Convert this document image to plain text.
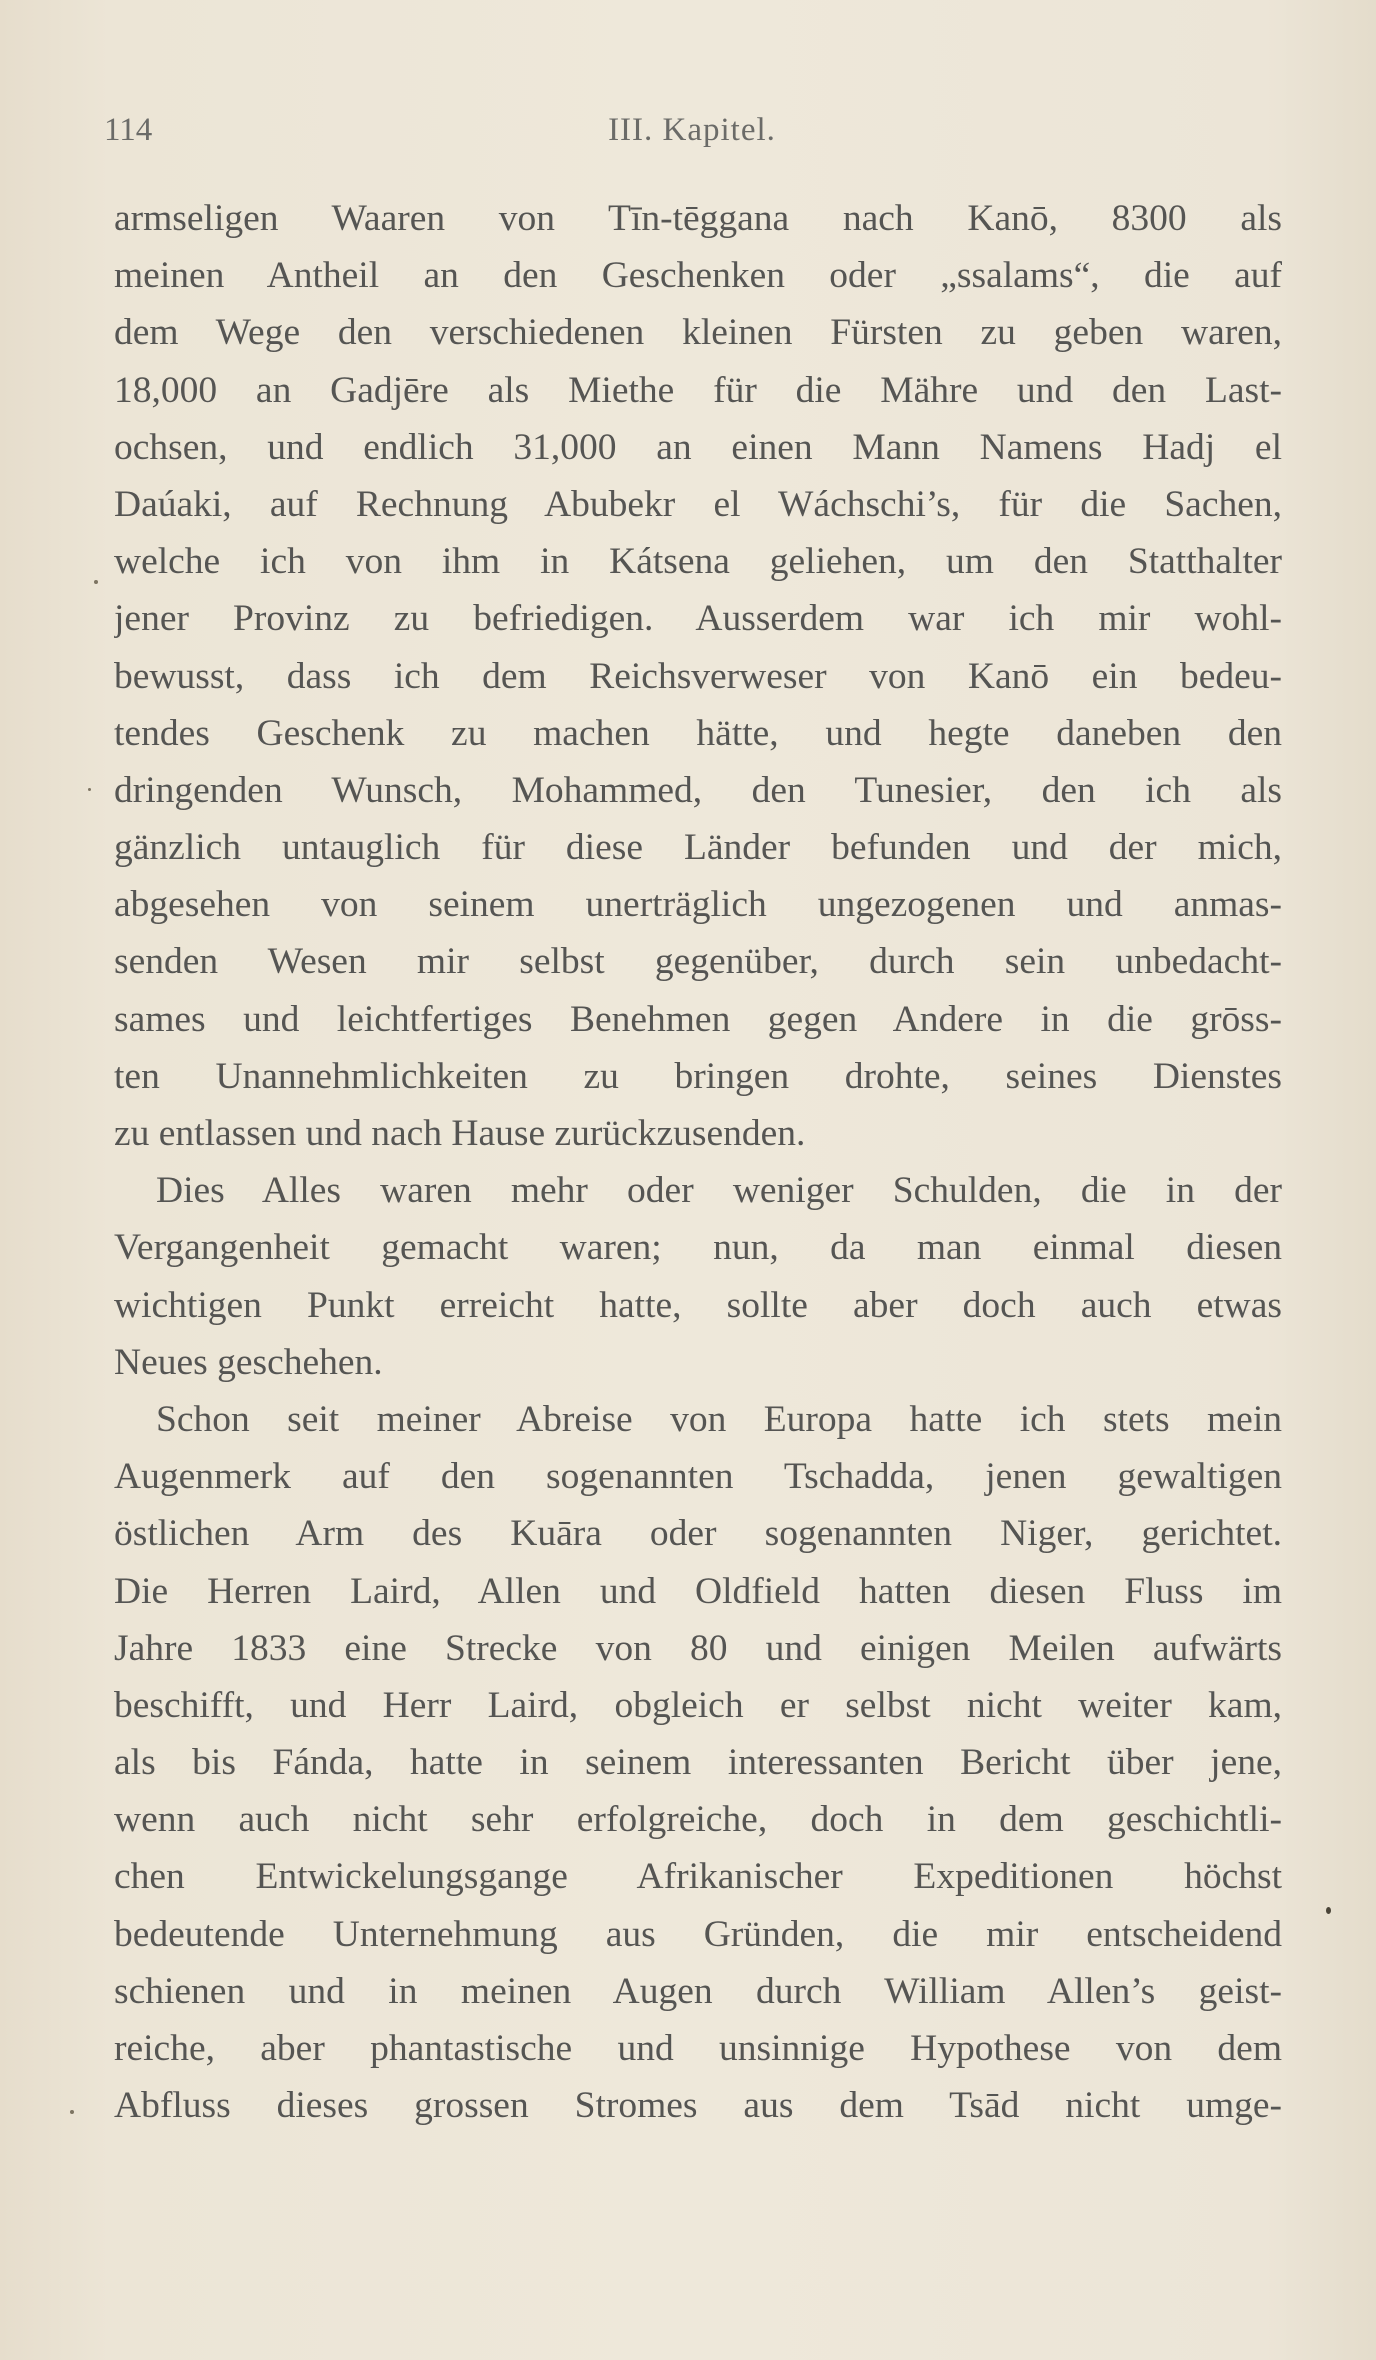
114	III. Kapitel.
armseligen Waaren von Tīn-tēggana nach Kanō, 8300 als
meinen Antheil an den Geschenken oder „ssalams“, die auf
dem Wege den verschiedenen kleinen Fürsten zu geben waren,
18,000 an Gadjēre als Miethe für die Mähre und den Last-
ochsen, und endlich 31,000 an einen Mann Namens Hadj el
Daúaki, auf Rechnung Abubekr el Wáchschi’s, für die Sachen,
welche ich von ihm in Kátsena geliehen, um den Statthalter
jener Provinz zu befriedigen. Ausserdem war ich mir wohl-
bewusst, dass ich dem Reichsverweser von Kanō ein bedeu-
tendes Geschenk zu machen hätte, und hegte daneben den
dringenden Wunsch, Mohammed, den Tunesier, den ich als
gänzlich untauglich für diese Länder befunden und der mich,
abgesehen von seinem unerträglich ungezogenen und anmas-
senden Wesen mir selbst gegenüber, durch sein unbedacht-
sames und leichtfertiges Benehmen gegen Andere in die grōss-
ten Unannehmlichkeiten zu bringen drohte, seines Dienstes
zu entlassen und nach Hause zurückzusenden.
Dies Alles waren mehr oder weniger Schulden, die in der
Vergangenheit gemacht waren; nun, da man einmal diesen
wichtigen Punkt erreicht hatte, sollte aber doch auch etwas
Neues geschehen.
Schon seit meiner Abreise von Europa hatte ich stets mein
Augenmerk auf den sogenannten Tschadda, jenen gewaltigen
östlichen Arm des Kuāra oder sogenannten Niger, gerichtet.
Die Herren Laird, Allen und Oldfield hatten diesen Fluss im
Jahre 1833 eine Strecke von 80 und einigen Meilen aufwärts
beschifft, und Herr Laird, obgleich er selbst nicht weiter kam,
als bis Fánda, hatte in seinem interessanten Bericht über jene,
wenn auch nicht sehr erfolgreiche, doch in dem geschichtli-
chen Entwickelungsgange Afrikanischer Expeditionen höchst
bedeutende Unternehmung aus Gründen, die mir entscheidend
schienen und in meinen Augen durch William Allen’s geist-
reiche, aber phantastische und unsinnige Hypothese von dem
Abfluss dieses grossen Stromes aus dem Tsād nicht umge-
